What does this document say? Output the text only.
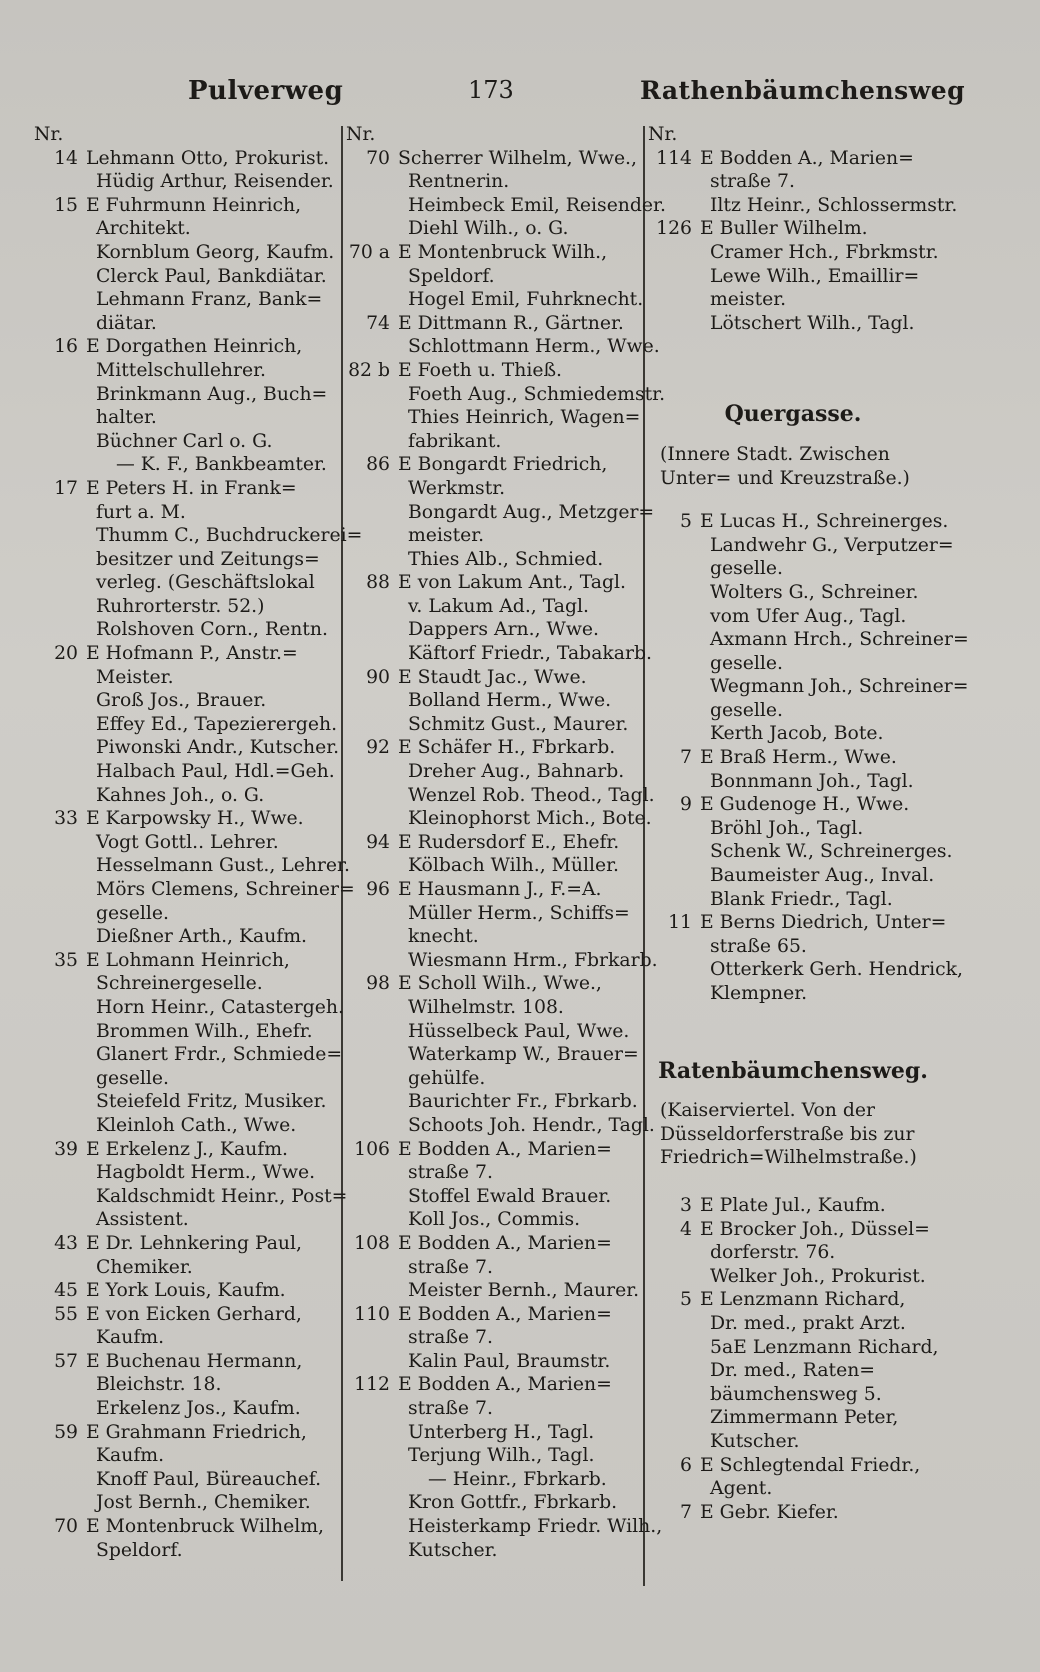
Pulverweg	173	Rathenbäumchensweg
Nr.
14 Lehmann Otto, Prokurist.
Hüdig Arthur, Reisender.
15 E Fuhrmunn Heinrich,
Architekt.
Kornblum Georg, Kaufm.
Clerck Paul, Bankdiätar.
Lehmann Franz, Bank=
diätar.
16 E Dorgathen Heinrich,
Mittelschullehrer.
Brinkmann Aug., Buch=
halter.
Büchner Carl o. G.
— K. F., Bankbeamter.
17 E Peters H. in Frank=
furt a. M.
Thumm C., Buchdruckerei=
besitzer und Zeitungs=
verleg. (Geschäftslokal
Ruhrorterstr. 52.)
Rolshoven Corn., Rentn.
20 E Hofmann P., Anstr.=
Meister.
Groß Jos., Brauer.
Effey Ed., Tapezierergeh.
Piwonski Andr., Kutscher.
Halbach Paul, Hdl.=Geh.
Kahnes Joh., o. G.
33 E Karpowsky H., Wwe.
Vogt Gottl.. Lehrer.
Hesselmann Gust., Lehrer.
Mörs Clemens, Schreiner=
geselle.
Dießner Arth., Kaufm.
35 E Lohmann Heinrich,
Schreinergeselle.
Horn Heinr., Catastergeh.
Brommen Wilh., Ehefr.
Glanert Frdr., Schmiede=
geselle.
Steiefeld Fritz, Musiker.
Kleinloh Cath., Wwe.
39 E Erkelenz J., Kaufm.
Hagboldt Herm., Wwe.
Kaldschmidt Heinr., Post=
Assistent.
43 E Dr. Lehnkering Paul,
Chemiker.
45 E York Louis, Kaufm.
55 E von Eicken Gerhard,
Kaufm.
57 E Buchenau Hermann,
Bleichstr. 18.
Erkelenz Jos., Kaufm.
59 E Grahmann Friedrich,
Kaufm.
Knoff Paul, Büreauchef.
Jost Bernh., Chemiker.
70 E Montenbruck Wilhelm,
Speldorf.
Nr.
70 Scherrer Wilhelm, Wwe.,
Rentnerin.
Heimbeck Emil, Reisender.
Diehl Wilh., o. G.
70 a E Montenbruck Wilh.,
Speldorf.
Hogel Emil, Fuhrknecht.
74 E Dittmann R., Gärtner.
Schlottmann Herm., Wwe.
82 b E Foeth u. Thieß.
Foeth Aug., Schmiedemstr.
Thies Heinrich, Wagen=
fabrikant.
86 E Bongardt Friedrich,
Werkmstr.
Bongardt Aug., Metzger=
meister.
Thies Alb., Schmied.
88 E von Lakum Ant., Tagl.
v. Lakum Ad., Tagl.
Dappers Arn., Wwe.
Käftorf Friedr., Tabakarb.
90 E Staudt Jac., Wwe.
Bolland Herm., Wwe.
Schmitz Gust., Maurer.
92 E Schäfer H., Fbrkarb.
Dreher Aug., Bahnarb.
Wenzel Rob. Theod., Tagl.
Kleinophorst Mich., Bote.
94 E Rudersdorf E., Ehefr.
Kölbach Wilh., Müller.
96 E Hausmann J., F.=A.
Müller Herm., Schiffs=
knecht.
Wiesmann Hrm., Fbrkarb.
98 E Scholl Wilh., Wwe.,
Wilhelmstr. 108.
Hüsselbeck Paul, Wwe.
Waterkamp W., Brauer=
gehülfe.
Baurichter Fr., Fbrkarb.
Schoots Joh. Hendr., Tagl.
106 E Bodden A., Marien=
straße 7.
Stoffel Ewald Brauer.
Koll Jos., Commis.
108 E Bodden A., Marien=
straße 7.
Meister Bernh., Maurer.
110 E Bodden A., Marien=
straße 7.
Kalin Paul, Braumstr.
112 E Bodden A., Marien=
straße 7.
Unterberg H., Tagl.
Terjung Wilh., Tagl.
— Heinr., Fbrkarb.
Kron Gottfr., Fbrkarb.
Heisterkamp Friedr. Wilh.,
Kutscher.
Nr.
114 E Bodden A., Marien=
straße 7.
Iltz Heinr., Schlossermstr.
126 E Buller Wilhelm.
Cramer Hch., Fbrkmstr.
Lewe Wilh., Emaillir=
meister.
Lötschert Wilh., Tagl.
Quergasse.
(Innere Stadt. Zwischen
Unter= und Kreuzstraße.)
5 E Lucas H., Schreinerges.
Landwehr G., Verputzer=
geselle.
Wolters G., Schreiner.
vom Ufer Aug., Tagl.
Axmann Hrch., Schreiner=
geselle.
Wegmann Joh., Schreiner=
geselle.
Kerth Jacob, Bote.
7 E Braß Herm., Wwe.
Bonnmann Joh., Tagl.
9 E Gudenoge H., Wwe.
Bröhl Joh., Tagl.
Schenk W., Schreinerges.
Baumeister Aug., Inval.
Blank Friedr., Tagl.
11 E Berns Diedrich, Unter=
straße 65.
Otterkerk Gerh. Hendrick,
Klempner.
Ratenbäumchensweg.
(Kaiserviertel. Von der
Düsseldorferstraße bis zur
Friedrich=Wilhelmstraße.)
3 E Plate Jul., Kaufm.
4 E Brocker Joh., Düssel=
dorferstr. 76.
Welker Joh., Prokurist.
5 E Lenzmann Richard,
Dr. med., prakt Arzt.
5aE Lenzmann Richard,
Dr. med., Raten=
bäumchensweg 5.
Zimmermann Peter,
Kutscher.
6 E Schlegtendal Friedr.,
Agent.
7 E Gebr. Kiefer.
